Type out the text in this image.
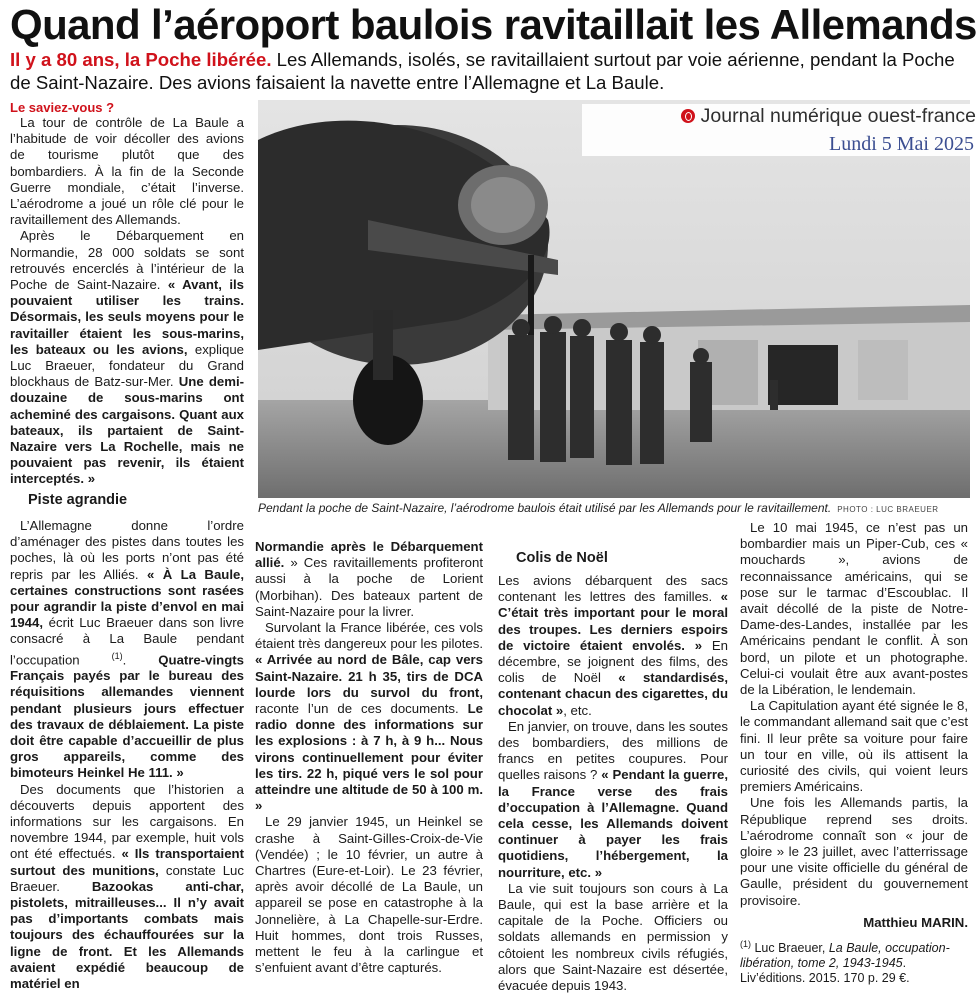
Quand l’aéroport baulois ravitaillait les Allemands
Il y a 80 ans, la Poche libérée. Les Allemands, isolés, se ravitaillaient surtout par voie aérienne, pendant la Poche de Saint-Nazaire. Des avions faisaient la navette entre l’Allemagne et La Baule.
Le saviez-vous ?

La tour de contrôle de La Baule a l’habitude de voir décoller des avions de tourisme plutôt que des bombardiers. À la fin de la Seconde Guerre mondiale, c’était l’inverse. L’aérodrome a joué un rôle clé pour le ravitaillement des Allemands.

Après le Débarquement en Normandie, 28 000 soldats se sont retrouvés encerclés à l’intérieur de la Poche de Saint-Nazaire. « Avant, ils pouvaient utiliser les trains. Désormais, les seuls moyens pour le ravitailler étaient les sous-marins, les bateaux ou les avions, explique Luc Braeuer, fondateur du Grand blockhaus de Batz-sur-Mer. Une demi-douzaine de sous-marins ont acheminé des cargaisons. Quant aux bateaux, ils partaient de Saint-Nazaire vers La Rochelle, mais ne pouvaient pas revenir, ils étaient interceptés. »

Piste agrandie

L’Allemagne donne l’ordre d’aménager des pistes dans toutes les poches, là où les ports n’ont pas été repris par les Alliés. « À La Baule, certaines constructions sont rasées pour agrandir la piste d’envol en mai 1944, écrit Luc Braeuer dans son livre consacré à La Baule pendant l’occupation $^{(1)}$. Quatre-vingts Français payés par le bureau des réquisitions allemandes viennent pendant plusieurs jours effectuer des travaux de déblaiement. La piste doit être capable d’accueillir de plus gros appareils, comme des bimoteurs Heinkel He 111. »

Des documents que l’historien a découverts depuis apportent des informations sur les cargaisons. En novembre 1944, par exemple, huit vols ont été effectués. « Ils transportaient surtout des munitions, constate Luc Braeuer. Bazookas anti-char, pistolets, mitrailleuses... Il n’y avait pas d’importants combats mais toujours des échauffourées sur la ligne de front. Et les Allemands avaient expédié beaucoup de matériel en

Journal numérique ouest-france
Lundi 5 Mai 2025
Pendant la poche de Saint-Nazaire, l’aérodrome baulois était utilisé par les Allemands pour le ravitaillement. PHOTO : LUC BRAEUER

Normandie après le Débarquement allié. » Ces ravitaillements profiteront aussi à la poche de Lorient (Morbihan). Des bateaux partent de Saint-Nazaire pour la livrer.

Survolant la France libérée, ces vols étaient très dangereux pour les pilotes. « Arrivée au nord de Bâle, cap vers Saint-Nazaire. 21 h 35, tirs de DCA lourde lors du survol du front, raconte l’un de ces documents. Le radio donne des informations sur les explosions : à 7 h, à 9 h... Nous virons continuellement pour éviter les tirs. 22 h, piqué vers le sol pour atteindre une altitude de 50 à 100 m. »

Le 29 janvier 1945, un Heinkel se crashe à Saint-Gilles-Croix-de-Vie (Vendée) ; le 10 février, un autre à Chartres (Eure-et-Loir). Le 23 février, après avoir décollé de La Baule, un appareil se pose en catastrophe à la Jonnelière, à La Chapelle-sur-Erdre. Huit hommes, dont trois Russes, mettent le feu à la carlingue et s’enfuient avant d’être capturés.

Colis de Noël

Les avions débarquent des sacs contenant les lettres des familles. « C’était très important pour le moral des troupes. Les derniers espoirs de victoire étaient envolés. » En décembre, se joignent des films, des colis de Noël « standardisés, contenant chacun des cigarettes, du chocolat », etc.

En janvier, on trouve, dans les soutes des bombardiers, des millions de francs en petites coupures. Pour quelles raisons ? « Pendant la guerre, la France verse des frais d’occupation à l’Allemagne. Quand cela cesse, les Allemands doivent continuer à payer les frais quotidiens, l’hébergement, la nourriture, etc. »

La vie suit toujours son cours à La Baule, qui est la base arrière et la capitale de la Poche. Officiers ou soldats allemands en permission y côtoient les nombreux civils réfugiés, alors que Saint-Nazaire est désertée, évacuée depuis 1943.

Le 10 mai 1945, ce n’est pas un bombardier mais un Piper-Cub, ces « mouchards », avions de reconnaissance américains, qui se pose sur le tarmac d’Escoublac. Il avait décollé de la piste de Notre-Dame-des-Landes, installée par les Américains pendant le conflit. À son bord, un pilote et un photographe. Celui-ci voulait être aux avant-postes de la Libération, le lendemain.

La Capitulation ayant été signée le 8, le commandant allemand sait que c’est fini. Il leur prête sa voiture pour faire un tour en ville, où ils attisent la curiosité des civils, qui voient leurs premiers Américains.

Une fois les Allemands partis, la République reprend ses droits. L’aérodrome connaît son « jour de gloire » le 23 juillet, avec l’atterrissage pour une visite officielle du général de Gaulle, président du gouvernement provisoire.

Matthieu MARIN.
$^{(1)}$ Luc Braeuer, La Baule, occupation-libération, tome 2, 1943-1945. Liv’éditions. 2015. 170 p. 29 €.
